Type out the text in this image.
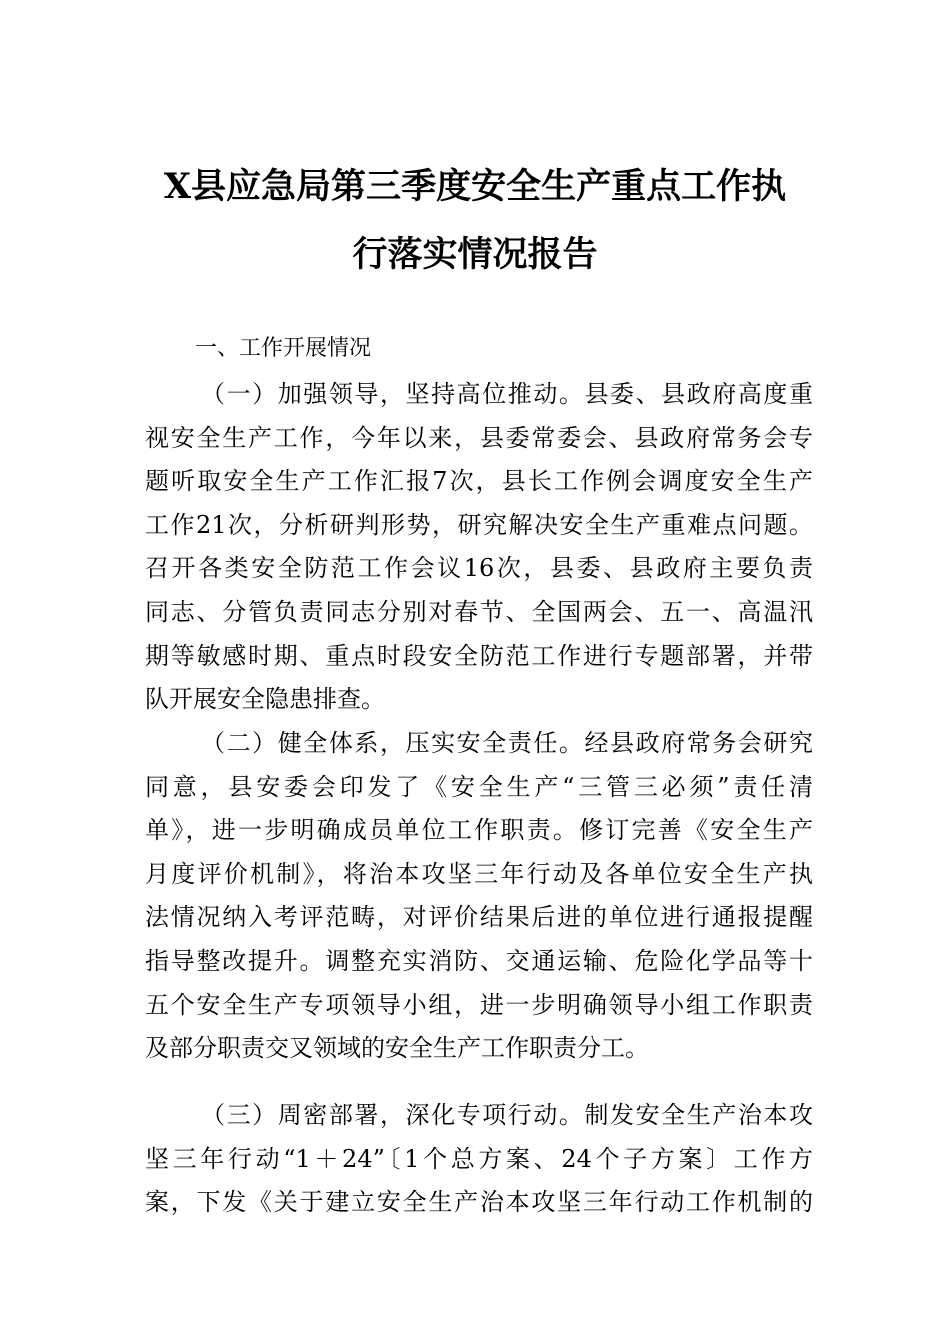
X县应急局第三季度安全生产重点工作执
行落实情况报告
一、工作开展情况
（一）加强领导，坚持高位推动。县委、县政府高度重
视安全生产工作，今年以来，县委常委会、县政府常务会专
题听取安全生产工作汇报7次，县长工作例会调度安全生产
工作21次，分析研判形势，研究解决安全生产重难点问题。
召开各类安全防范工作会议16次，县委、县政府主要负责
同志、分管负责同志分别对春节、全国两会、五一、高温汛
期等敏感时期、重点时段安全防范工作进行专题部署，并带
队开展安全隐患排查。
（二）健全体系，压实安全责任。经县政府常务会研究
同意，县安委会印发了《安全生产“三管三必须”责任清
单》，进一步明确成员单位工作职责。修订完善《安全生产
月度评价机制》，将治本攻坚三年行动及各单位安全生产执
法情况纳入考评范畴，对评价结果后进的单位进行通报提醒
指导整改提升。调整充实消防、交通运输、危险化学品等十
五个安全生产专项领导小组，进一步明确领导小组工作职责
及部分职责交叉领域的安全生产工作职责分工。
（三）周密部署，深化专项行动。制发安全生产治本攻
坚三年行动“1＋24”〔1个总方案、24个子方案〕工作方
案，下发《关于建立安全生产治本攻坚三年行动工作机制的
